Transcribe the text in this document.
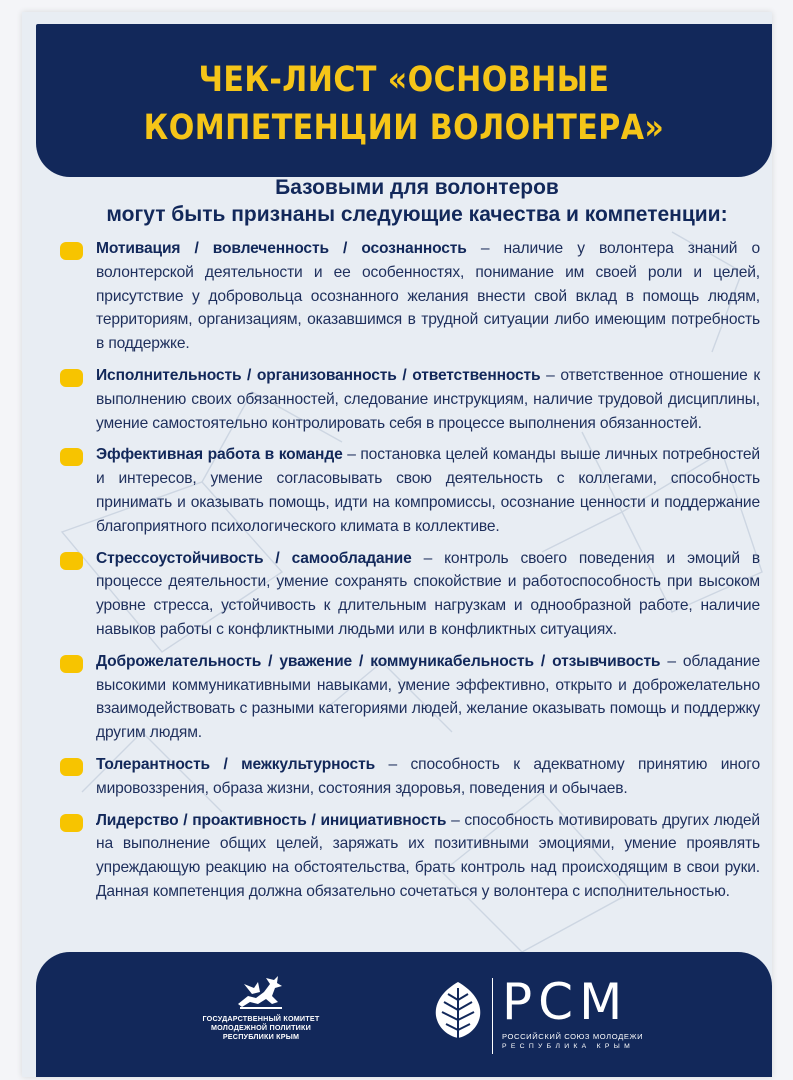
ЧЕК-ЛИСТ «ОСНОВНЫЕ
КОМПЕТЕНЦИИ ВОЛОНТЕРА»
Базовыми для волонтеров
могут быть признаны следующие качества и компетенции:
Мотивация / вовлеченность / осознанность – наличие у волонтера знаний о волонтерской деятельности и ее особенностях, понимание им своей роли и целей, присутствие у добровольца осознанного желания внести свой вклад в помощь людям, территориям, организациям, оказавшимся в трудной ситуации либо имеющим потребность в поддержке.
Исполнительность / организованность / ответственность – ответственное отношение к выполнению своих обязанностей, следование инструкциям, наличие трудовой дисциплины, умение самостоятельно контролировать себя в процессе выполнения обязанностей.
Эффективная работа в команде – постановка целей команды выше личных потребностей и интересов, умение согласовывать свою деятельность с коллегами, способность принимать и оказывать помощь, идти на компромиссы, осознание ценности и поддержание благоприятного психологического климата в коллективе.
Стрессоустойчивость / самообладание – контроль своего поведения и эмоций в процессе деятельности, умение сохранять спокойствие и работоспособность при высоком уровне стресса, устойчивость к длительным нагрузкам и однообразной работе, наличие навыков работы с конфликтными людьми или в конфликтных ситуациях.
Доброжелательность / уважение / коммуникабельность / отзывчивость – обладание высокими коммуникативными навыками, умение эффективно, открыто и доброжелательно взаимодействовать с разными категориями людей, желание оказывать помощь и поддержку другим людям.
Толерантность / межкультурность – способность к адекватному принятию иного мировоззрения, образа жизни, состояния здоровья, поведения и обычаев.
Лидерство / проактивность / инициативность – способность мотивировать других людей на выполнение общих целей, заряжать их позитивными эмоциями, умение проявлять упреждающую реакцию на обстоятельства, брать контроль над происходящим в свои руки. Данная компетенция должна обязательно сочетаться у волонтера с исполнительностью.
ГОСУДАРСТВЕННЫЙ КОМИТЕТ
МОЛОДЕЖНОЙ ПОЛИТИКИ
РЕСПУБЛИКИ КРЫМ
РСМ
РОССИЙСКИЙ СОЮЗ МОЛОДЕЖИ
РЕСПУБЛИКА КРЫМ
